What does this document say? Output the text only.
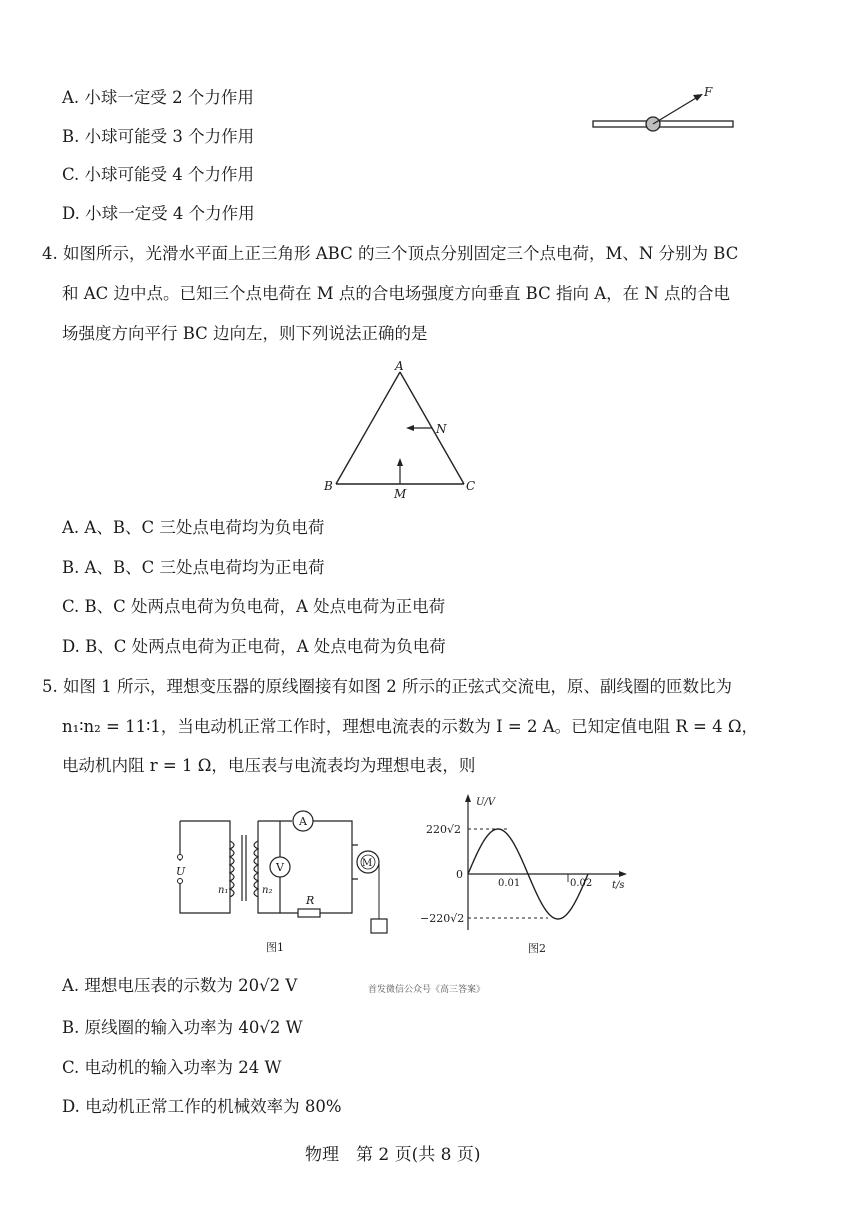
A. 小球一定受 2 个力作用
B. 小球可能受 3 个力作用
C. 小球可能受 4 个力作用
D. 小球一定受 4 个力作用
F
4. 如图所示，光滑水平面上正三角形 ABC 的三个顶点分别固定三个点电荷，M、N 分别为 BC
和 AC 边中点。已知三个点电荷在 M 点的合电场强度方向垂直 BC 指向 A，在 N 点的合电
场强度方向平行 BC 边向左，则下列说法正确的是
A
B	C
M
N
A. A、B、C 三处点电荷均为负电荷
B. A、B、C 三处点电荷均为正电荷
C. B、C 处两点电荷为负电荷，A 处点电荷为正电荷
D. B、C 处两点电荷为正电荷，A 处点电荷为负电荷
5. 如图 1 所示，理想变压器的原线圈接有如图 2 所示的正弦式交流电，原、副线圈的匝数比为
n₁∶n₂ = 11∶1，当电动机正常工作时，理想电流表的示数为 I = 2 A。已知定值电阻 R = 4 Ω，
电动机内阻 r = 1 Ω，电压表与电流表均为理想电表，则
U
n₁	n₂
A
V
R
M
图1
U/V
t/s
220√2
−220√2
0
0.01	0.02
图2
A. 理想电压表的示数为 20√2 V	首发微信公众号《高三答案》
B. 原线圈的输入功率为 40√2 W
C. 电动机的输入功率为 24 W
D. 电动机正常工作的机械效率为 80%
物理　第 2 页(共 8 页)
